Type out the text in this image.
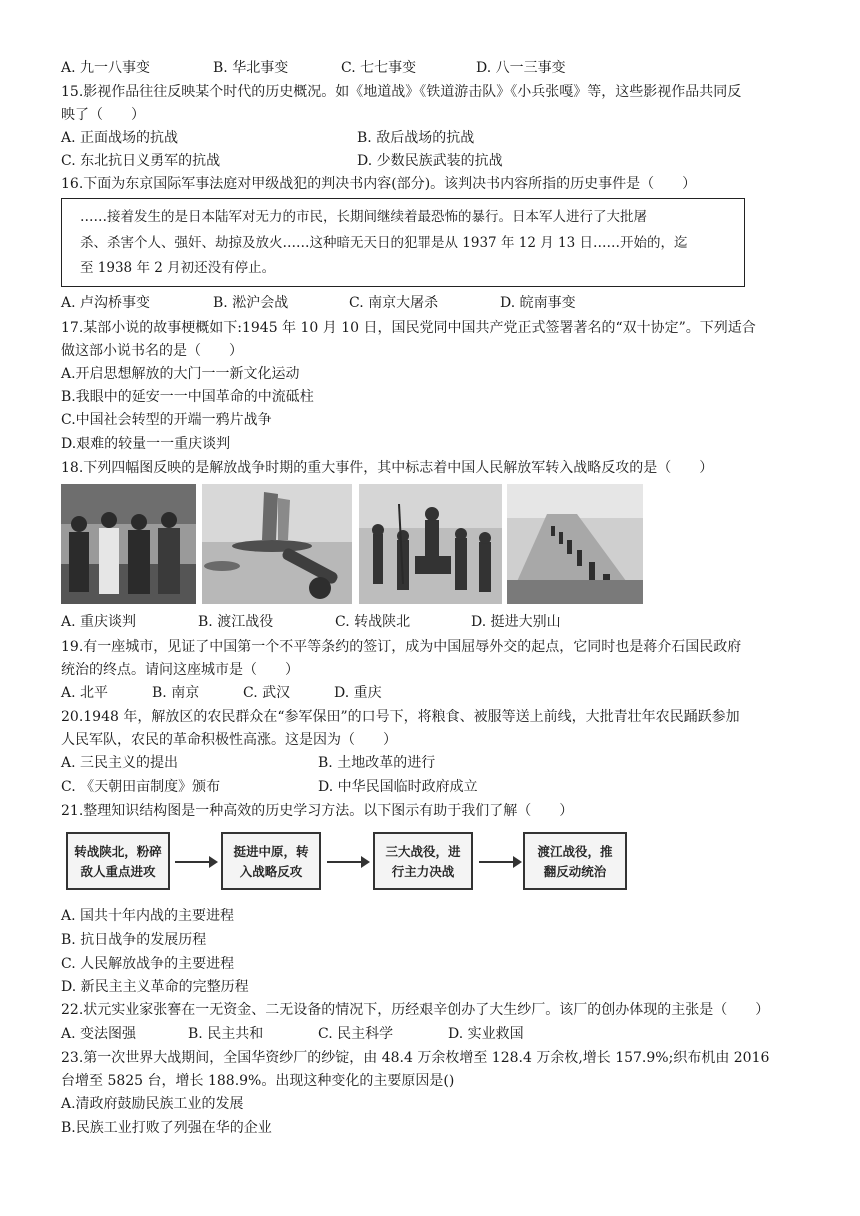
A. 九一八事变	B. 华北事变	C. 七七事变	D. 八一三事变
15.影视作品往往反映某个时代的历史概况。如《地道战》《铁道游击队》《小兵张嘎》等，这些影视作品共同反
映了（　　）
A. 正面战场的抗战	B. 敌后战场的抗战
C. 东北抗日义勇军的抗战	D. 少数民族武装的抗战
16.下面为东京国际军事法庭对甲级战犯的判决书内容(部分)。该判决书内容所指的历史事件是（　　）
……接着发生的是日本陆军对无力的市民，长期间继续着最恐怖的暴行。日本军人进行了大批屠
杀、杀害个人、强奸、劫掠及放火……这种暗无天日的犯罪是从 1937 年 12 月 13 日……开始的，迄
至 1938 年 2 月初还没有停止。
A. 卢沟桥事变	B. 淞沪会战	C. 南京大屠杀	D. 皖南事变
17.某部小说的故事梗概如下:1945 年 10 月 10 日，国民党同中国共产党正式签署著名的“双十协定”。下列适合
做这部小说书名的是（　　）
A.开启思想解放的大门一一新文化运动
B.我眼中的延安一一中国革命的中流砥柱
C.中国社会转型的开端一鸦片战争
D.艰难的较量一一重庆谈判
18.下列四幅图反映的是解放战争时期的重大事件，其中标志着中国人民解放军转入战略反攻的是（　　）
A. 重庆谈判	B. 渡江战役	C. 转战陕北	D. 挺进大别山
19.有一座城市，见证了中国第一个不平等条约的签订，成为中国屈辱外交的起点，它同时也是蒋介石国民政府
统治的终点。请问这座城市是（　　）
A. 北平	B. 南京	C. 武汉	D. 重庆
20.1948 年，解放区的农民群众在“参军保田”的口号下，将粮食、被服等送上前线，大批青壮年农民踊跃参加
人民军队，农民的革命积极性高涨。这是因为（　　）
A. 三民主义的提出	B. 土地改革的进行
C. 《天朝田亩制度》颁布	D. 中华民国临时政府成立
21.整理知识结构图是一种高效的历史学习方法。以下图示有助于我们了解（　　）
转战陕北，粉碎
敌人重点进攻
挺进中原，转
入战略反攻
三大战役，进
行主力决战
渡江战役，推
翻反动统治
A. 国共十年内战的主要进程
B. 抗日战争的发展历程
C. 人民解放战争的主要进程
D. 新民主主义革命的完整历程
22.状元实业家张謇在一无资金、二无设备的情况下，历经艰辛创办了大生纱厂。该厂的创办体现的主张是（　　）
A. 变法图强	B. 民主共和	C. 民主科学	D. 实业救国
23.第一次世界大战期间，全国华资纱厂的纱锭，由 48.4 万余枚增至 128.4 万余枚,增长 157.9%;织布机由 2016
台增至 5825 台，增长 188.9%。出现这种变化的主要原因是()
A.清政府鼓励民族工业的发展
B.民族工业打败了列强在华的企业
